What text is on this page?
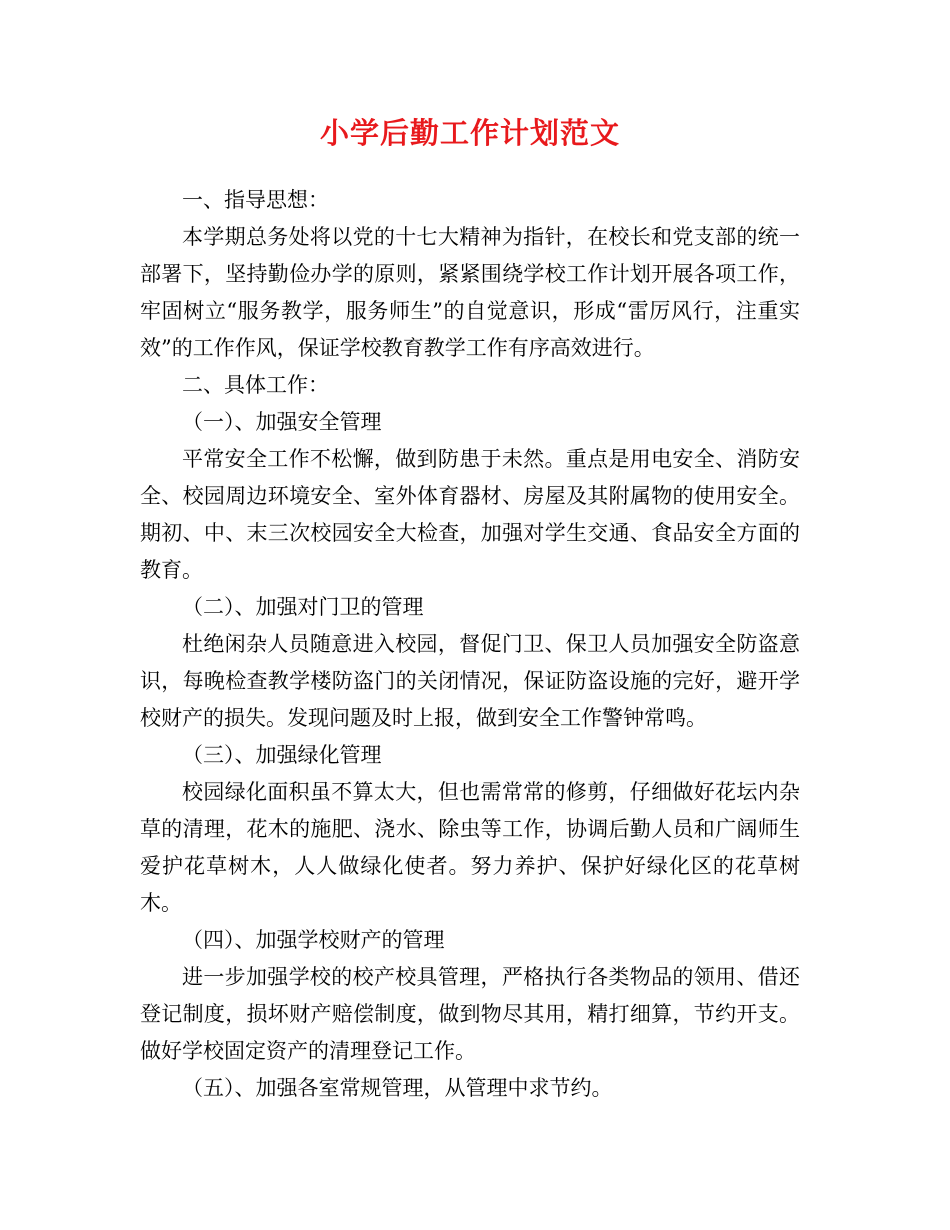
小学后勤工作计划范文
一、指导思想：

本学期总务处将以党的十七大精神为指针，在校长和党支部的统一部署下，坚持勤俭办学的原则，紧紧围绕学校工作计划开展各项工作，牢固树立“服务教学，服务师生”的自觉意识，形成“雷厉风行，注重实效”的工作作风，保证学校教育教学工作有序高效进行。

二、具体工作：
（一）、加强安全管理

平常安全工作不松懈，做到防患于未然。重点是用电安全、消防安全、校园周边环境安全、室外体育器材、房屋及其附属物的使用安全。期初、中、末三次校园安全大检查，加强对学生交通、食品安全方面的教育。

（二）、加强对门卫的管理

杜绝闲杂人员随意进入校园，督促门卫、保卫人员加强安全防盗意识，每晚检查教学楼防盗门的关闭情况，保证防盗设施的完好，避开学校财产的损失。发现问题及时上报，做到安全工作警钟常鸣。

（三）、加强绿化管理

校园绿化面积虽不算太大，但也需常常的修剪，仔细做好花坛内杂草的清理，花木的施肥、浇水、除虫等工作，协调后勤人员和广阔师生爱护花草树木，人人做绿化使者。努力养护、保护好绿化区的花草树木。

（四）、加强学校财产的管理

进一步加强学校的校产校具管理，严格执行各类物品的领用、借还登记制度，损坏财产赔偿制度，做到物尽其用，精打细算，节约开支。做好学校固定资产的清理登记工作。

（五）、加强各室常规管理，从管理中求节约。
